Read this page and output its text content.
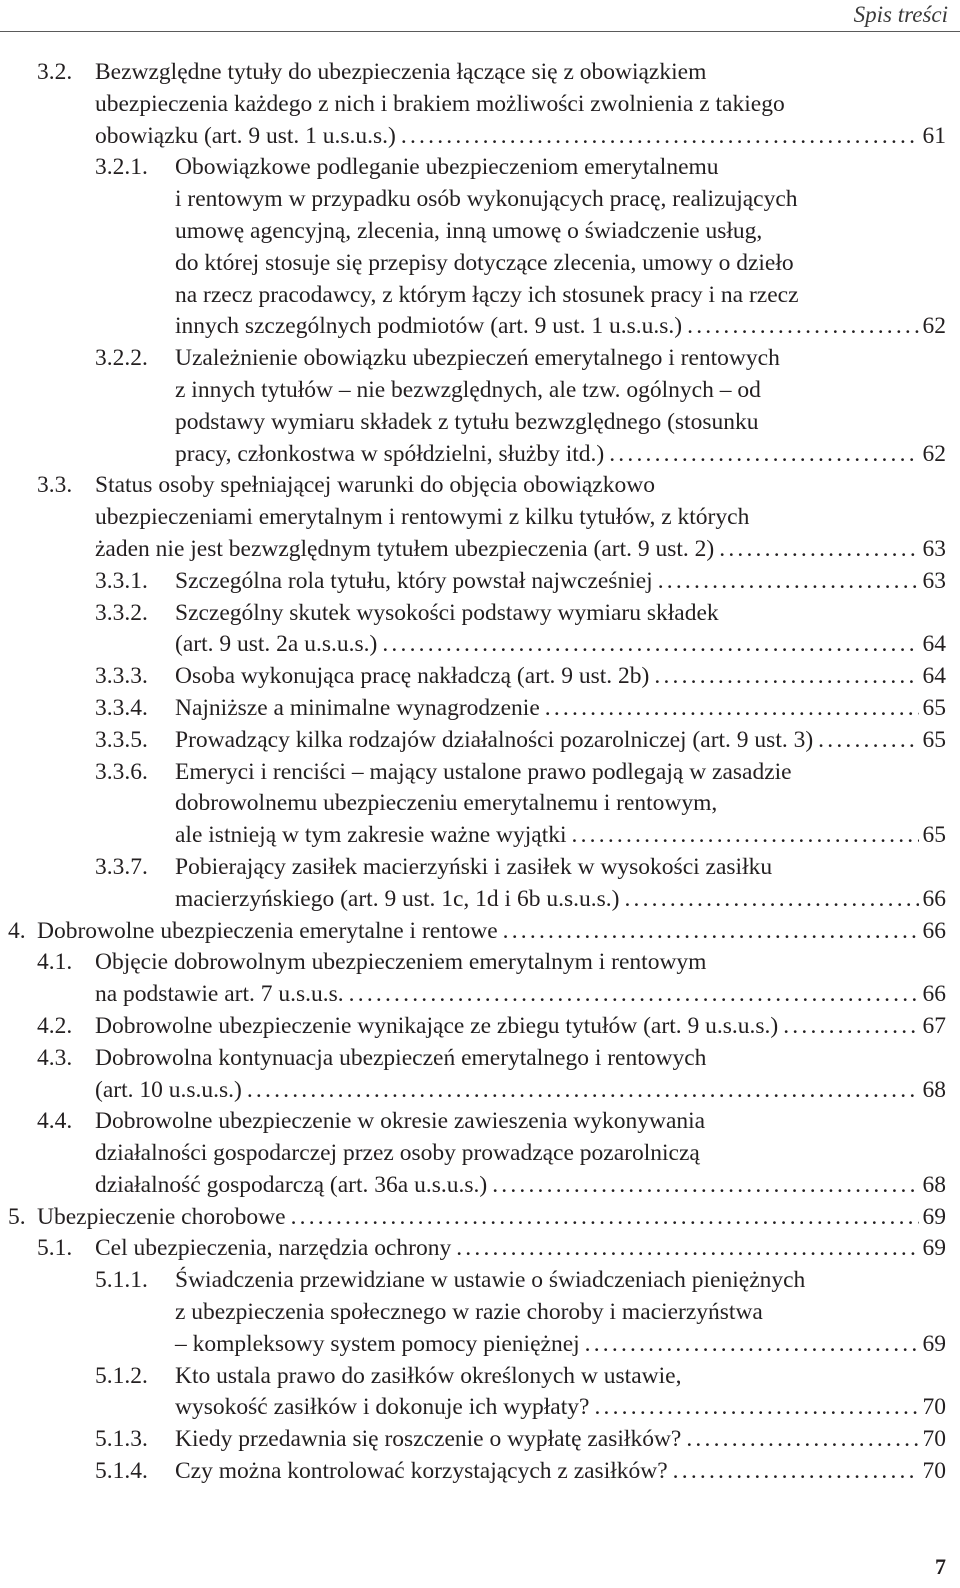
Spis treści
3.2. Bezwzględne tytuły do ubezpieczenia łączące się z obowiązkiem
ubezpieczenia każdego z nich i brakiem możliwości zwolnienia z takiego
obowiązku (art. 9 ust. 1 u.s.u.s.) .....	61
3.2.1. Obowiązkowe podleganie ubezpieczeniom emerytalnemu
i rentowym w przypadku osób wykonujących pracę, realizujących
umowę agencyjną, zlecenia, inną umowę o świadczenie usług,
do której stosuje się przepisy dotyczące zlecenia, umowy o dzieło
na rzecz pracodawcy, z którym łączy ich stosunek pracy i na rzecz
innych szczególnych podmiotów (art. 9 ust. 1 u.s.u.s.) .....	62
3.2.2. Uzależnienie obowiązku ubezpieczeń emerytalnego i rentowych
z innych tytułów – nie bezwzględnych, ale tzw. ogólnych – od
podstawy wymiaru składek z tytułu bezwzględnego (stosunku
pracy, członkostwa w spółdzielni, służby itd.) .....	62
3.3. Status osoby spełniającej warunki do objęcia obowiązkowo
ubezpieczeniami emerytalnym i rentowymi z kilku tytułów, z których
żaden nie jest bezwzględnym tytułem ubezpieczenia (art. 9 ust. 2) .....	63
3.3.1. Szczególna rola tytułu, który powstał najwcześniej .....	63
3.3.2. Szczególny skutek wysokości podstawy wymiaru składek
(art. 9 ust. 2a u.s.u.s.) .....	64
3.3.3. Osoba wykonująca pracę nakładczą (art. 9 ust. 2b) .....	64
3.3.4. Najniższe a minimalne wynagrodzenie .....	65
3.3.5. Prowadzący kilka rodzajów działalności pozarolniczej (art. 9 ust. 3) .....	65
3.3.6. Emeryci i renciści – mający ustalone prawo podlegają w zasadzie
dobrowolnemu ubezpieczeniu emerytalnemu i rentowym,
ale istnieją w tym zakresie ważne wyjątki .....	65
3.3.7. Pobierający zasiłek macierzyński i zasiłek w wysokości zasiłku
macierzyńskiego (art. 9 ust. 1c, 1d i 6b u.s.u.s.) .....	66
4. Dobrowolne ubezpieczenia emerytalne i rentowe .....	66
4.1. Objęcie dobrowolnym ubezpieczeniem emerytalnym i rentowym
na podstawie art. 7 u.s.u.s. .....	66
4.2. Dobrowolne ubezpieczenie wynikające ze zbiegu tytułów (art. 9 u.s.u.s.) .....	67
4.3. Dobrowolna kontynuacja ubezpieczeń emerytalnego i rentowych
(art. 10 u.s.u.s.) .....	68
4.4. Dobrowolne ubezpieczenie w okresie zawieszenia wykonywania
działalności gospodarczej przez osoby prowadzące pozarolniczą
działalność gospodarczą (art. 36a u.s.u.s.) .....	68
5. Ubezpieczenie chorobowe .....	69
5.1. Cel ubezpieczenia, narzędzia ochrony .....	69
5.1.1. Świadczenia przewidziane w ustawie o świadczeniach pieniężnych
z ubezpieczenia społecznego w razie choroby i macierzyństwa
– kompleksowy system pomocy pieniężnej .....	69
5.1.2. Kto ustala prawo do zasiłków określonych w ustawie,
wysokość zasiłków i dokonuje ich wypłaty? .....	70
5.1.3. Kiedy przedawnia się roszczenie o wypłatę zasiłków? .....	70
5.1.4. Czy można kontrolować korzystających z zasiłków? .....	70
7
